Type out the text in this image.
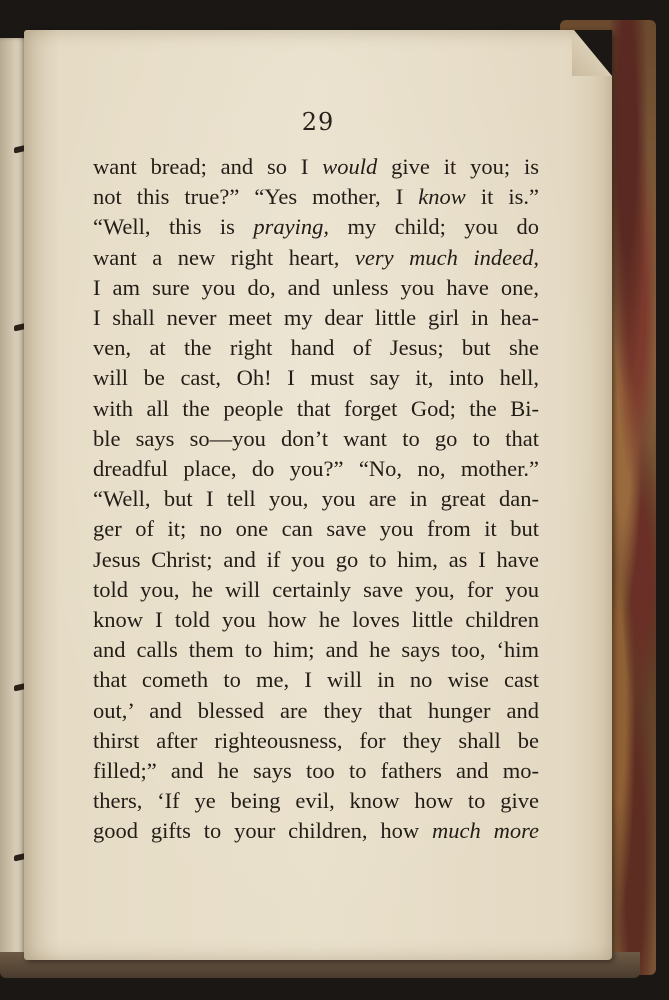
29
want bread; and so I would give it you; is
not this true?” “Yes mother, I know it is.”
“Well, this is praying, my child; you do
want a new right heart, very much indeed,
I am sure you do, and unless you have one,
I shall never meet my dear little girl in hea-
ven, at the right hand of Jesus; but she
will be cast, Oh! I must say it, into hell,
with all the people that forget God; the Bi-
ble says so—you don’t want to go to that
dreadful place, do you?” “No, no, mother.”
“Well, but I tell you, you are in great dan-
ger of it; no one can save you from it but
Jesus Christ; and if you go to him, as I have
told you, he will certainly save you, for you
know I told you how he loves little children
and calls them to him; and he says too, ‘him
that cometh to me, I will in no wise cast
out,’ and blessed are they that hunger and
thirst after righteousness, for they shall be
filled;” and he says too to fathers and mo-
thers, ‘If ye being evil, know how to give
good gifts to your children, how much more
